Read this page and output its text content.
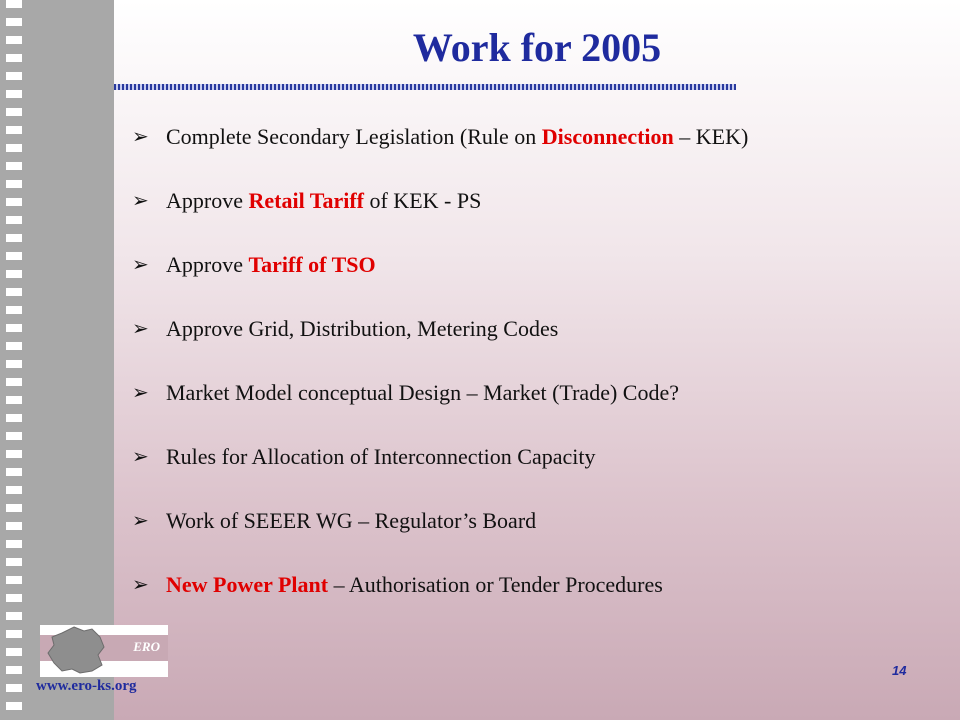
Work for 2005
➢ Complete Secondary Legislation (Rule on Disconnection – KEK)
➢ Approve Retail Tariff of KEK - PS
➢ Approve Tariff of TSO
➢ Approve Grid, Distribution, Metering Codes
➢ Market Model conceptual Design – Market (Trade) Code?
➢ Rules for Allocation of Interconnection Capacity
➢ Work of SEEER WG – Regulator’s Board
➢ New Power Plant – Authorisation or Tender Procedures
ERO
www.ero-ks.org
14
